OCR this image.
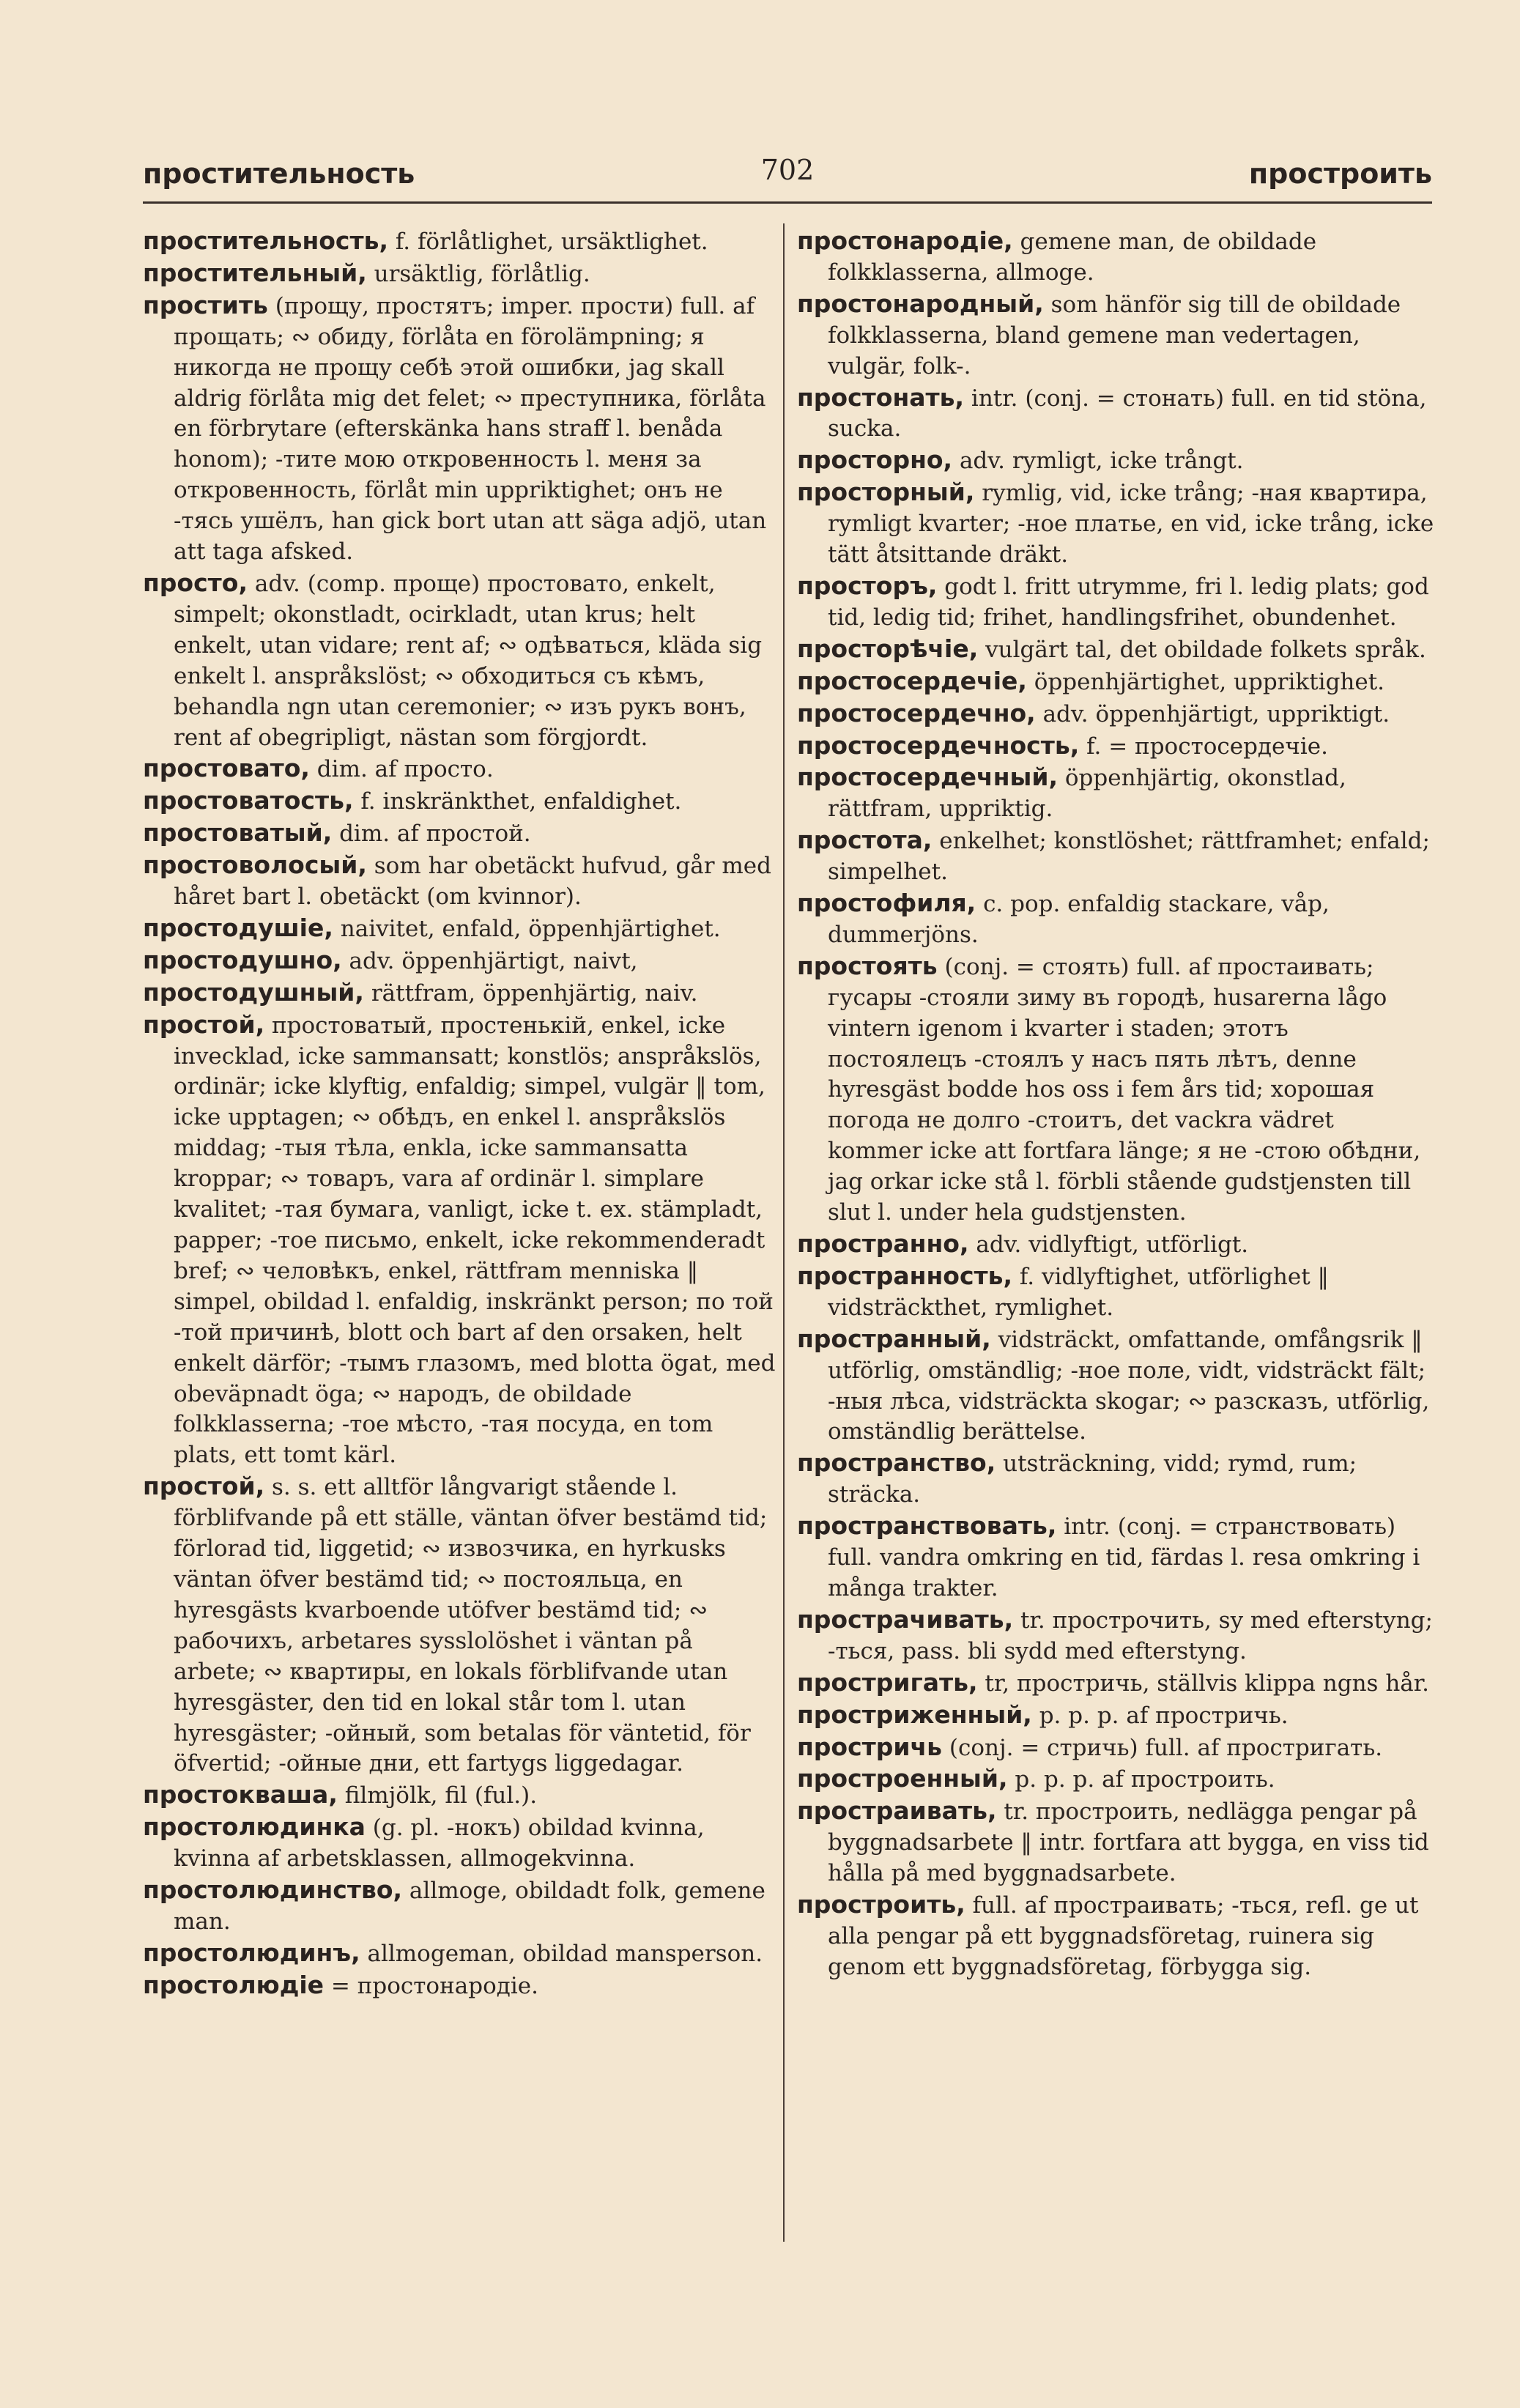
простительность	702	простроить

простительность, f. förlåtlighet, ursäktlighet.

простительный, ursäktlig, förlåtlig.

простить (прощу, простятъ; imper. прости) full. af прощать; ∾ обиду, förlåta en förolämpning; я никогда не прощу себѣ этой ошибки, jag skall aldrig förlåta mig det felet; ∾ преступника, förlåta en förbrytare (efterskänka hans straff l. benåda honom); -тите мою откровенность l. меня за откровенность, förlåt min uppriktighet; онъ не -тясь ушёлъ, han gick bort utan att säga adjö, utan att taga afsked.

просто, adv. (comp. проще) простовато, enkelt, simpelt; okonstladt, ocirkladt, utan krus; helt enkelt, utan vidare; rent af; ∾ одѣваться, kläda sig enkelt l. anspråkslöst; ∾ обходиться съ кѣмъ, behandla ngn utan ceremonier; ∾ изъ рукъ вонъ, rent af obegripligt, nästan som förgjordt.

простовато, dim. af просто.

простоватость, f. inskränkthet, enfaldighet.

простоватый, dim. af простой.

простоволосый, som har obetäckt hufvud, går med håret bart l. obetäckt (om kvinnor).

простодушіе, naivitet, enfald, öppenhjärtighet.

простодушно, adv. öppenhjärtigt, naivt,

простодушный, rättfram, öppenhjärtig, naiv.

простой, простоватый, простенькій, enkel, icke invecklad, icke sammansatt; konstlös; anspråkslös, ordinär; icke klyftig, enfaldig; simpel, vulgär ‖ tom, icke upptagen; ∾ обѣдъ, en enkel l. anspråkslös middag; -тыя тѣла, enkla, icke sammansatta kroppar; ∾ товаръ, vara af ordinär l. simplare kvalitet; -тая бумага, vanligt, icke t. ex. stämpladt, papper; -тое письмо, enkelt, icke rekommenderadt bref; ∾ человѣкъ, enkel, rättfram menniska ‖ simpel, obildad l. enfaldig, inskränkt person; по той -той причинѣ, blott och bart af den orsaken, helt enkelt därför; -тымъ глазомъ, med blotta ögat, med obeväpnadt öga; ∾ народъ, de obildade folkklasserna; -тое мѣсто, -тая посуда, en tom plats, ett tomt kärl.

простой, s. s. ett alltför långvarigt stående l. förblifvande på ett ställe, väntan öfver bestämd tid; förlorad tid, liggetid; ∾ извозчика, en hyrkusks väntan öfver bestämd tid; ∾ постояльца, en hyresgästs kvarboende utöfver bestämd tid; ∾ рабочихъ, arbetares sysslolöshet i väntan på arbete; ∾ квартиры, en lokals förblifvande utan hyresgäster, den tid en lokal står tom l. utan hyresgäster; -ойный, som betalas för väntetid, för öfvertid; -ойные дни, ett fartygs liggedagar.

простокваша, filmjölk, fil (ful.).

простолюдинка (g. pl. -нокъ) obildad kvinna, kvinna af arbetsklassen, allmogekvinna.

простолюдинство, allmoge, obildadt folk, gemene man.

простолюдинъ, allmogeman, obildad mansperson.

простолюдіе = простонародіе.

простонародіе, gemene man, de obildade folkklasserna, allmoge.

простонародный, som hänför sig till de obildade folkklasserna, bland gemene man vedertagen, vulgär, folk-.

простонать, intr. (conj. = стонать) full. en tid stöna, sucka.

просторно, adv. rymligt, icke trångt.

просторный, rymlig, vid, icke trång; -ная квартира, rymligt kvarter; -ное платье, en vid, icke trång, icke tätt åtsittande dräkt.

просторъ, godt l. fritt utrymme, fri l. ledig plats; god tid, ledig tid; frihet, handlingsfrihet, obundenhet.

просторѣчіе, vulgärt tal, det obildade folkets språk.

простосердечіе, öppenhjärtighet, uppriktighet.

простосердечно, adv. öppenhjärtigt, uppriktigt.

простосердечность, f. = простосердечіе.

простосердечный, öppenhjärtig, okonstlad, rättfram, uppriktig.

простота, enkelhet; konstlöshet; rättframhet; enfald; simpelhet.

простофиля, c. pop. enfaldig stackare, våp, dummerjöns.

простоять (conj. = стоять) full. af простаивать; гусары -стояли зиму въ городѣ, husarerna lågo vintern igenom i kvarter i staden; этотъ постоялецъ -стоялъ у насъ пять лѣтъ, denne hyresgäst bodde hos oss i fem års tid; хорошая погода не долго -стоитъ, det vackra vädret kommer icke att fortfara länge; я не -стою обѣдни, jag orkar icke stå l. förbli stående gudstjensten till slut l. under hela gudstjensten.

пространно, adv. vidlyftigt, utförligt.

пространность, f. vidlyftighet, utförlighet ‖ vidsträckthet, rymlighet.

пространный, vidsträckt, omfattande, omfångsrik ‖ utförlig, omständlig; -ное поле, vidt, vidsträckt fält; -ныя лѣса, vidsträckta skogar; ∾ разсказъ, utförlig, omständlig berättelse.

пространство, utsträckning, vidd; rymd, rum; sträcka.

пространствовать, intr. (conj. = странствовать) full. vandra omkring en tid, färdas l. resa omkring i många trakter.

прострачивать, tr. прострочить, sy med efterstyng; -ться, pass. bli sydd med efterstyng.

простригать, tr, простричь, ställvis klippa ngns hår.

простриженный, p. p. p. af простричь.

простричь (conj. = стричь) full. af простригать.

простроенный, p. p. p. af простроить.

простраивать, tr. простроить, nedlägga pengar på byggnadsarbete ‖ intr. fortfara att bygga, en viss tid hålla på med byggnadsarbete.

простроить, full. af простраивать; -ться, refl. ge ut alla pengar på ett byggnadsföretag, ruinera sig genom ett byggnadsföretag, förbygga sig.
